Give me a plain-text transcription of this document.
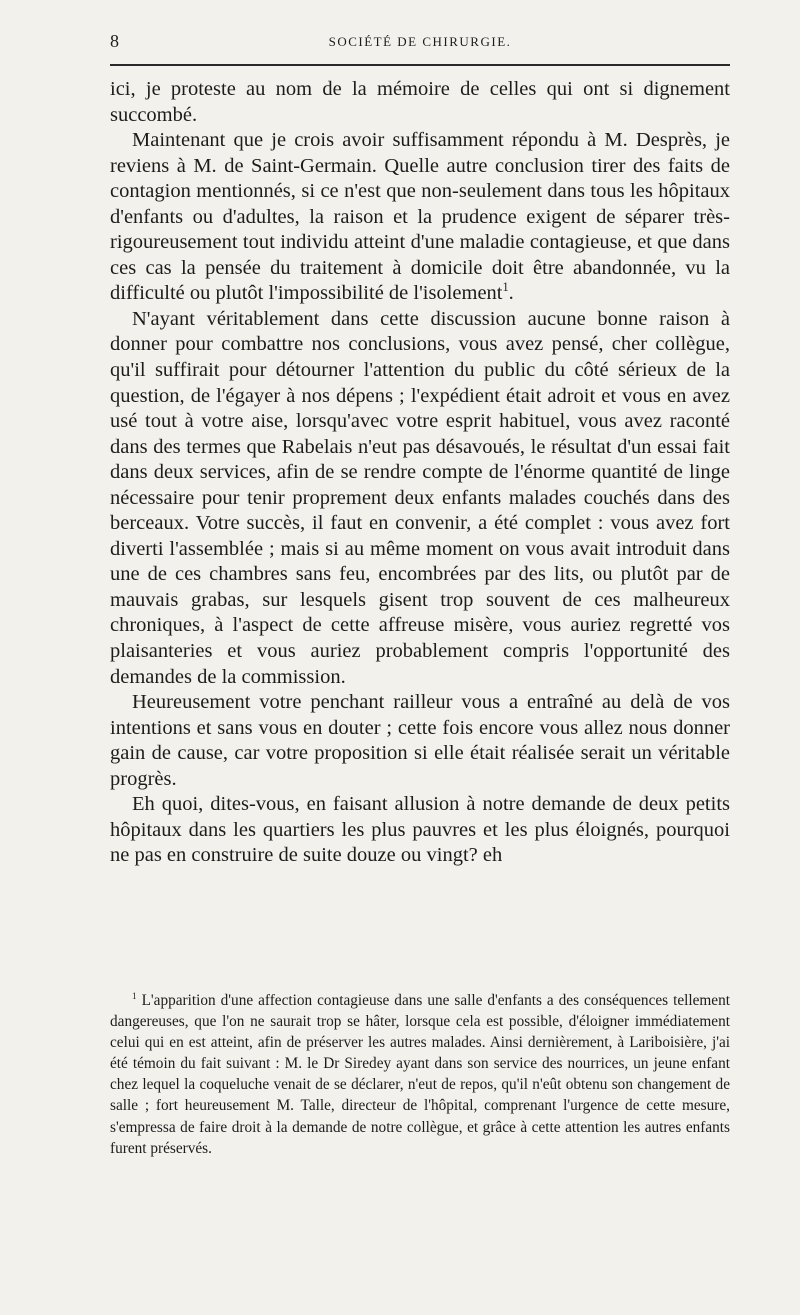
8	SOCIÉTÉ DE CHIRURGIE.

ici, je proteste au nom de la mémoire de celles qui ont si dignement succombé.

Maintenant que je crois avoir suffisamment répondu à M. Desprès, je reviens à M. de Saint-Germain. Quelle autre conclusion tirer des faits de contagion mentionnés, si ce n'est que non-seulement dans tous les hôpitaux d'enfants ou d'adultes, la raison et la prudence exigent de séparer très-rigoureusement tout individu atteint d'une maladie contagieuse, et que dans ces cas la pensée du traitement à domicile doit être abandonnée, vu la difficulté ou plutôt l'impossibilité de l'isolement$^1$.

N'ayant véritablement dans cette discussion aucune bonne raison à donner pour combattre nos conclusions, vous avez pensé, cher collègue, qu'il suffirait pour détourner l'attention du public du côté sérieux de la question, de l'égayer à nos dépens ; l'expédient était adroit et vous en avez usé tout à votre aise, lorsqu'avec votre esprit habituel, vous avez raconté dans des termes que Rabelais n'eut pas désavoués, le résultat d'un essai fait dans deux services, afin de se rendre compte de l'énorme quantité de linge nécessaire pour tenir proprement deux enfants malades couchés dans des berceaux. Votre succès, il faut en convenir, a été complet : vous avez fort diverti l'assemblée ; mais si au même moment on vous avait introduit dans une de ces chambres sans feu, encombrées par des lits, ou plutôt par de mauvais grabas, sur lesquels gisent trop souvent de ces malheureux chroniques, à l'aspect de cette affreuse misère, vous auriez regretté vos plaisanteries et vous auriez probablement compris l'opportunité des demandes de la commission.

Heureusement votre penchant railleur vous a entraîné au delà de vos intentions et sans vous en douter ; cette fois encore vous allez nous donner gain de cause, car votre proposition si elle était réalisée serait un véritable progrès.

Eh quoi, dites-vous, en faisant allusion à notre demande de deux petits hôpitaux dans les quartiers les plus pauvres et les plus éloignés, pourquoi ne pas en construire de suite douze ou vingt? eh

$^1$ L'apparition d'une affection contagieuse dans une salle d'enfants a des conséquences tellement dangereuses, que l'on ne saurait trop se hâter, lorsque cela est possible, d'éloigner immédiatement celui qui en est atteint, afin de préserver les autres malades. Ainsi dernièrement, à Lariboisière, j'ai été témoin du fait suivant : M. le Dr Siredey ayant dans son service des nourrices, un jeune enfant chez lequel la coqueluche venait de se déclarer, n'eut de repos, qu'il n'eût obtenu son changement de salle ; fort heureusement M. Talle, directeur de l'hôpital, comprenant l'urgence de cette mesure, s'empressa de faire droit à la demande de notre collègue, et grâce à cette attention les autres enfants furent préservés.
